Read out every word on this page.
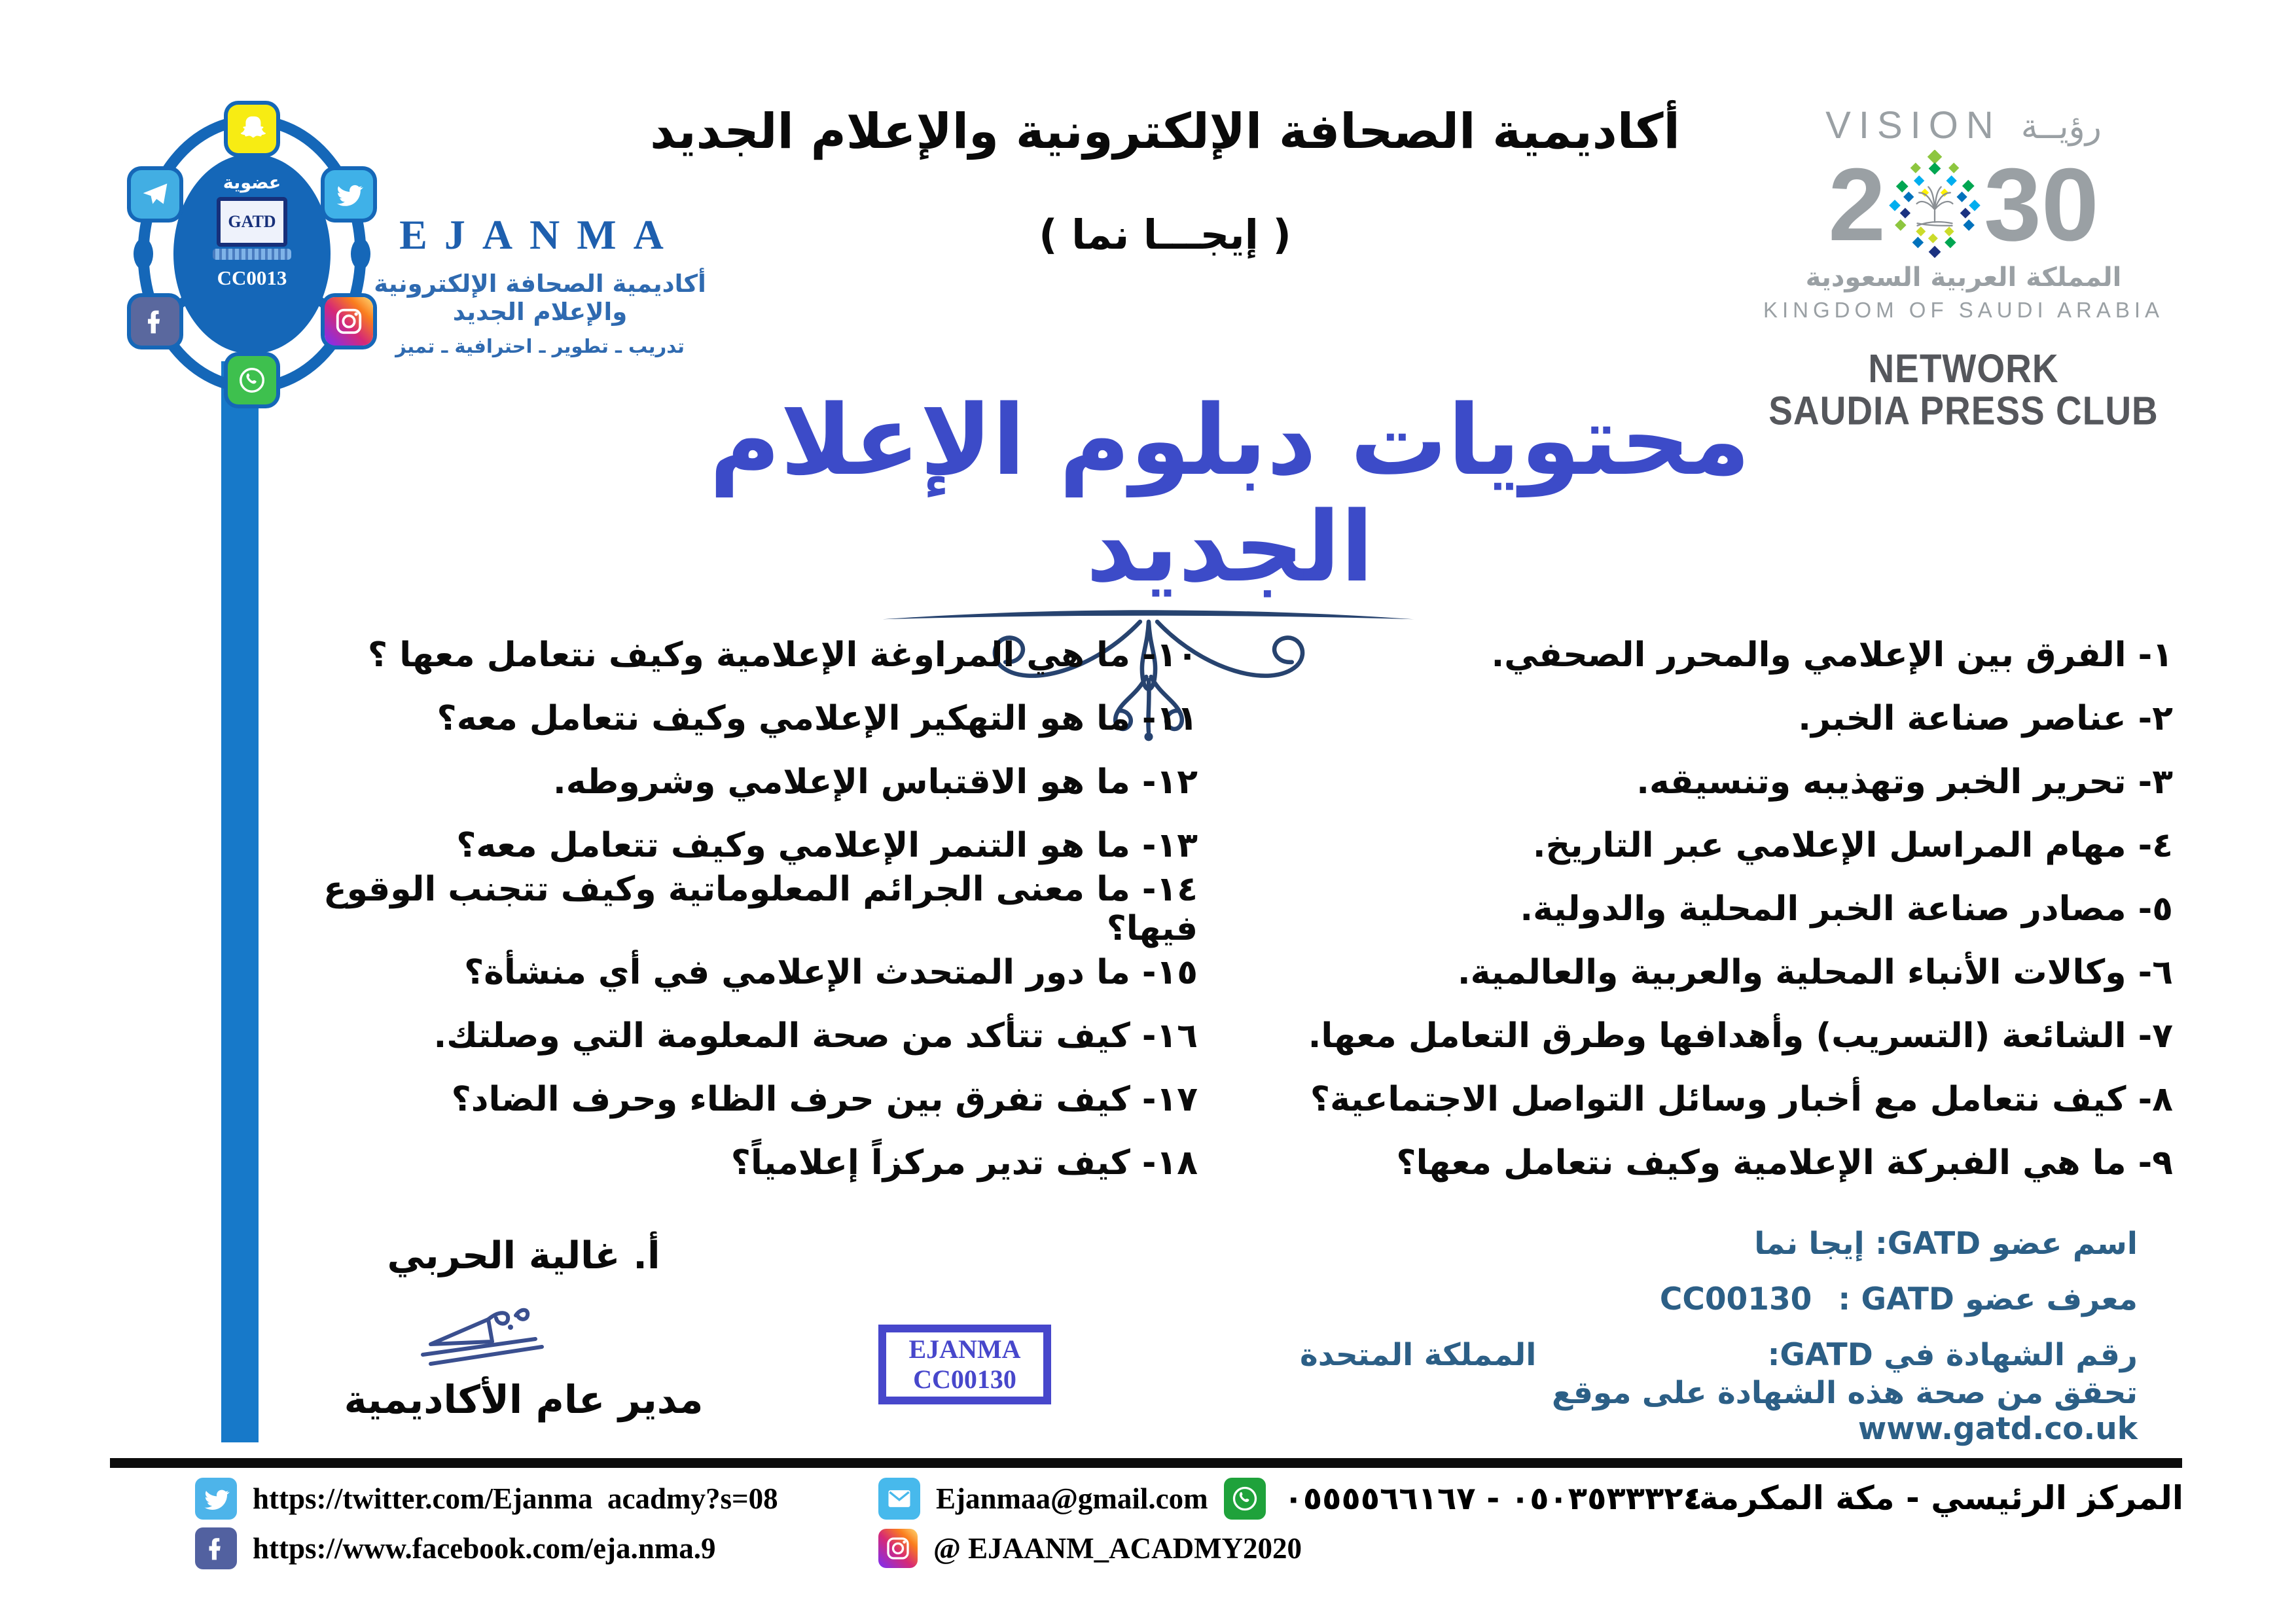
عضوية
GATD
CC0013
EJANMA
أكاديمية الصحافة الإلكترونية والإعلام الجديد
تدريب ـ تطوير ـ احترافية ـ تميز
أكاديمية الصحافة الإلكترونية والإعلام الجديد
( إيجـــا نما )
VISION رؤيــة
2 30
المملكة العربية السعودية
KINGDOM OF SAUDI ARABIA
NETWORK
SAUDIA PRESS CLUB
محتويات دبلوم الإعلام الجديد
١- الفرق بين الإعلامي والمحرر الصحفي.
٢- عناصر صناعة الخبر.
٣- تحرير الخبر وتهذيبه وتنسيقه.
٤- مهام المراسل الإعلامي عبر التاريخ.
٥- مصادر صناعة الخبر المحلية والدولية.
٦- وكالات الأنباء المحلية والعربية والعالمية.
٧- الشائعة (التسريب) وأهدافها وطرق التعامل معها.
٨- كيف نتعامل مع أخبار وسائل التواصل الاجتماعية؟
٩- ما هي الفبركة الإعلامية وكيف نتعامل معها؟
١٠- ما هي المراوغة الإعلامية وكيف نتعامل معها ؟
١١- ما هو التهكير الإعلامي وكيف نتعامل معه؟
١٢- ما هو الاقتباس الإعلامي وشروطه.
١٣- ما هو التنمر الإعلامي وكيف تتعامل معه؟
١٤- ما معنى الجرائم المعلوماتية وكيف تتجنب الوقوع فيها؟
١٥- ما دور المتحدث الإعلامي في أي منشأة؟
١٦- كيف تتأكد من صحة المعلومة التي وصلتك.
١٧- كيف تفرق بين حرف الظاء وحرف الضاد؟
١٨- كيف تدير مركزاً إعلامياً؟
أ. غالية الحربي
مدير عام الأكاديمية
EJANMA
CC00130
اسم عضو GATD: إيجا نما
معرف عضو GATD :
CC00130
رقم الشهادة في GATD:
المملكة المتحدة
تحقق من صحة هذه الشهادة على موقع www.gatd.co.uk
https://twitter.com/Ejanma  acadmy?s=08
https://www.facebook.com/eja.nma.9
Ejanmaa@gmail.com ٠٥٠٣٥٣٣٣٢٤ - ٠٥٥٥٥٦٦١٦٧
@ EJAANM_ACADMY2020
المركز الرئيسي - مكة المكرمة:
